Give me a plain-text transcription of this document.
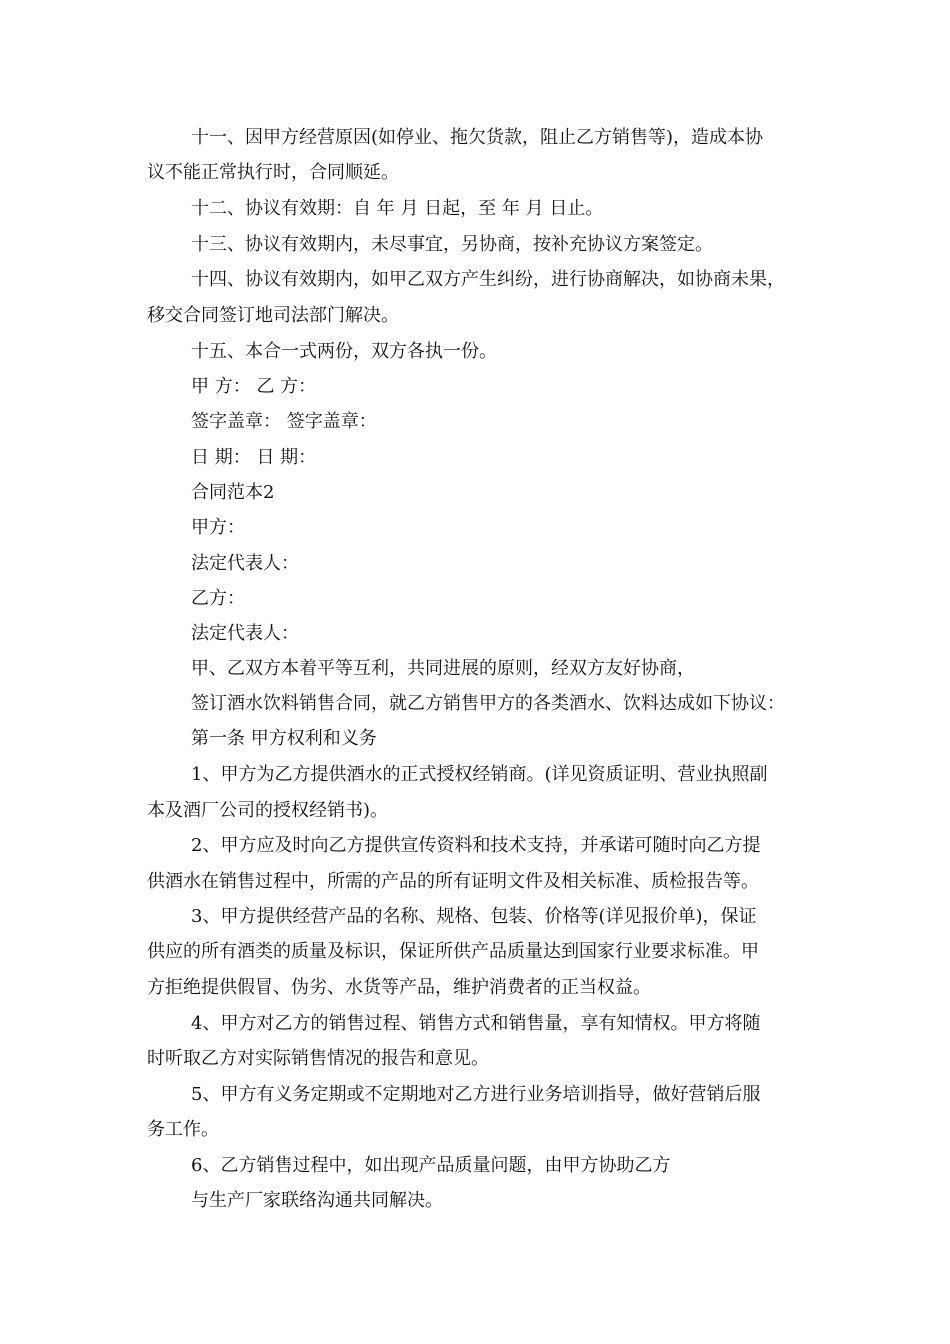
十一、因甲方经营原因(如停业、拖欠货款，阻止乙方销售等)，造成本协
议不能正常执行时，合同顺延。
十二、协议有效期：自 年 月 日起，至 年 月 日止。
十三、协议有效期内，未尽事宜，另协商，按补充协议方案签定。
十四、协议有效期内，如甲乙双方产生纠纷，进行协商解决，如协商未果，
移交合同签订地司法部门解决。
十五、本合一式两份，双方各执一份。
甲 方： 乙 方：
签字盖章： 签字盖章：
日 期： 日 期：
合同范本2
甲方：
法定代表人：
乙方：
法定代表人：
甲、乙双方本着平等互利，共同进展的原则，经双方友好协商，
签订酒水饮料销售合同，就乙方销售甲方的各类酒水、饮料达成如下协议：
第一条 甲方权利和义务
1、甲方为乙方提供酒水的正式授权经销商。(详见资质证明、营业执照副
本及酒厂公司的授权经销书)。
2、甲方应及时向乙方提供宣传资料和技术支持，并承诺可随时向乙方提
供酒水在销售过程中，所需的产品的所有证明文件及相关标准、质检报告等。
3、甲方提供经营产品的名称、规格、包装、价格等(详见报价单)，保证
供应的所有酒类的质量及标识，保证所供产品质量达到国家行业要求标准。甲
方拒绝提供假冒、伪劣、水货等产品，维护消费者的正当权益。
4、甲方对乙方的销售过程、销售方式和销售量，享有知情权。甲方将随
时听取乙方对实际销售情况的报告和意见。
5、甲方有义务定期或不定期地对乙方进行业务培训指导，做好营销后服
务工作。
6、乙方销售过程中，如出现产品质量问题，由甲方协助乙方
与生产厂家联络沟通共同解决。
